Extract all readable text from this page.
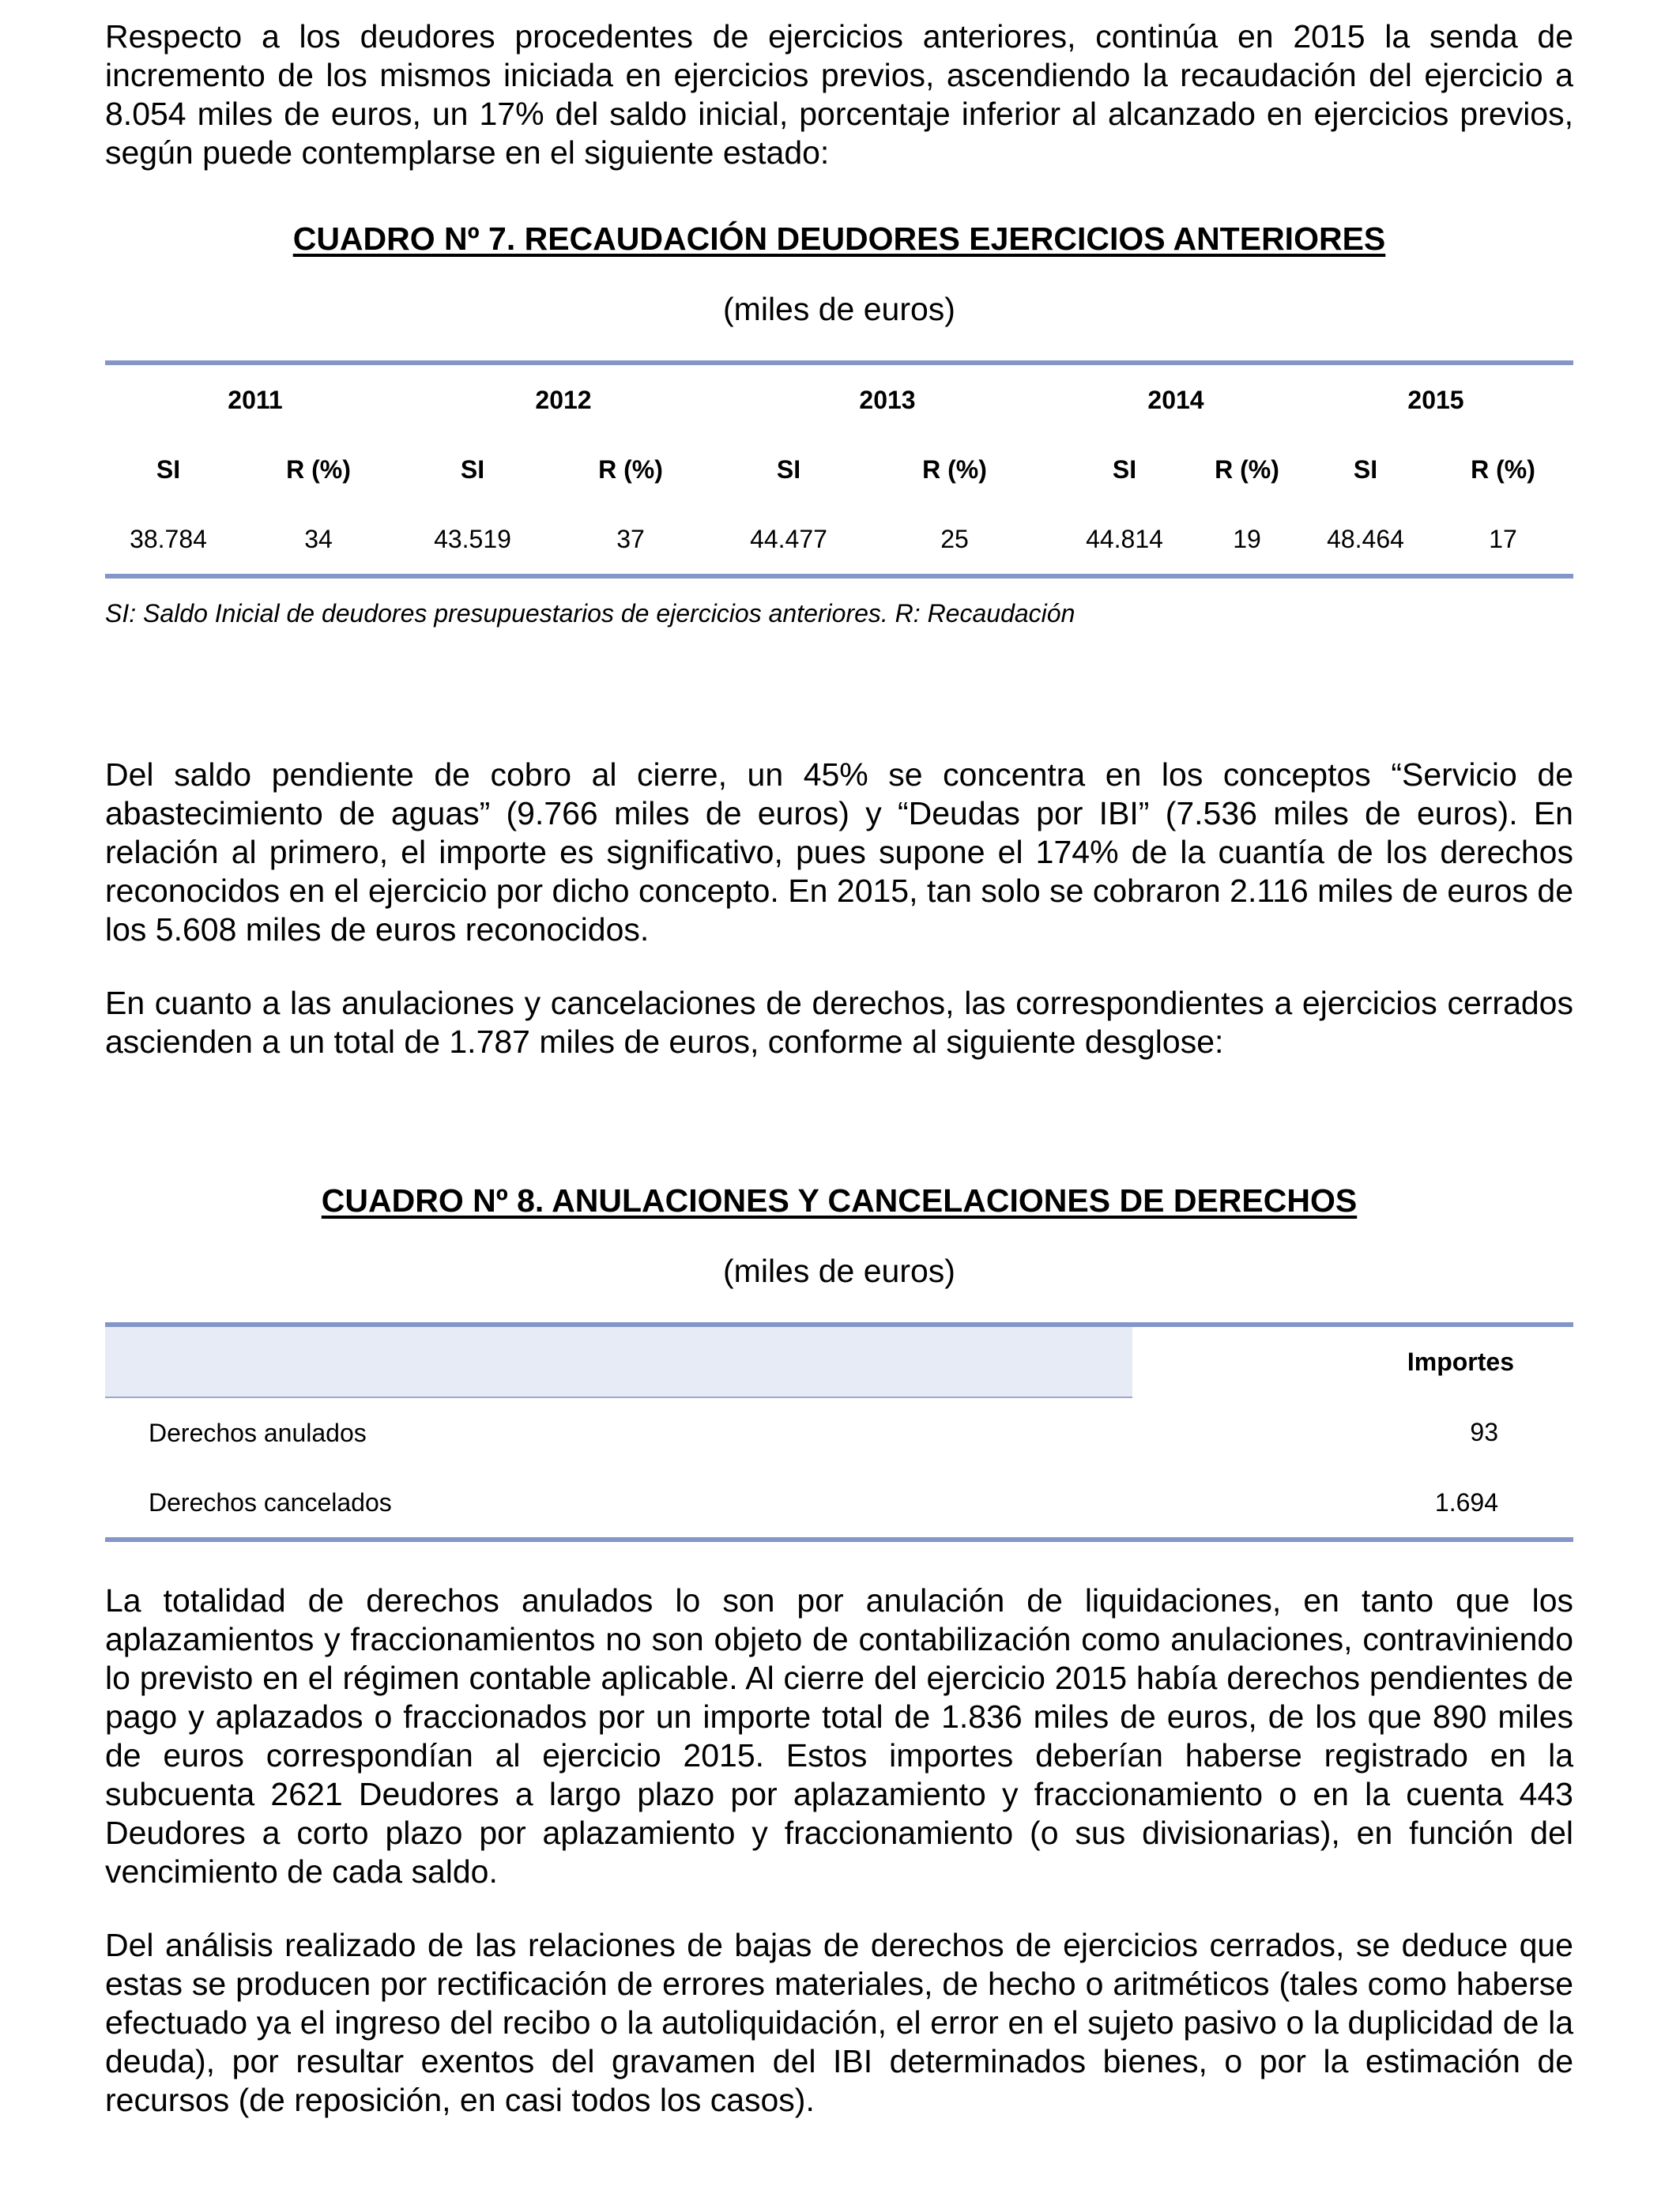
Respecto a los deudores procedentes de ejercicios anteriores, continúa en 2015 la senda de incremento de los mismos iniciada en ejercicios previos, ascendiendo la recaudación del ejercicio a 8.054 miles de euros, un 17% del saldo inicial, porcentaje inferior al alcanzado en ejercicios previos, según puede contemplarse en el siguiente estado:

CUADRO Nº 7. RECAUDACIÓN DEUDORES EJERCICIOS ANTERIORES

(miles de euros)

2011		2012		2013		2014		2015	
SI	R (%)	SI	R (%)	SI	R (%)	SI	R (%)	SI	R (%)
38.784	34	43.519	37	44.477	25	44.814	19	48.464	17

SI: Saldo Inicial de deudores presupuestarios de ejercicios anteriores. R: Recaudación

Del saldo pendiente de cobro al cierre, un 45% se concentra en los conceptos “Servicio de abastecimiento de aguas” (9.766 miles de euros) y “Deudas por IBI” (7.536 miles de euros). En relación al primero, el importe es significativo, pues supone el 174% de la cuantía de los derechos reconocidos en el ejercicio por dicho concepto. En 2015, tan solo se cobraron 2.116 miles de euros de los 5.608 miles de euros reconocidos.

En cuanto a las anulaciones y cancelaciones de derechos, las correspondientes a ejercicios cerrados ascienden a un total de 1.787 miles de euros, conforme al siguiente desglose:

CUADRO Nº 8. ANULACIONES Y CANCELACIONES DE DERECHOS

(miles de euros)

	Importes
Derechos anulados	93
Derechos cancelados	1.694

La totalidad de derechos anulados lo son por anulación de liquidaciones, en tanto que los aplazamientos y fraccionamientos no son objeto de contabilización como anulaciones, contraviniendo lo previsto en el régimen contable aplicable. Al cierre del ejercicio 2015 había derechos pendientes de pago y aplazados o fraccionados por un importe total de 1.836 miles de euros, de los que 890 miles de euros correspondían al ejercicio 2015. Estos importes deberían haberse registrado en la subcuenta 2621 Deudores a largo plazo por aplazamiento y fraccionamiento o en la cuenta 443 Deudores a corto plazo por aplazamiento y fraccionamiento (o sus divisionarias), en función del vencimiento de cada saldo.

Del análisis realizado de las relaciones de bajas de derechos de ejercicios cerrados, se deduce que estas se producen por rectificación de errores materiales, de hecho o aritméticos (tales como haberse efectuado ya el ingreso del recibo o la autoliquidación, el error en el sujeto pasivo o la duplicidad de la deuda), por resultar exentos del gravamen del IBI determinados bienes, o por la estimación de recursos (de reposición, en casi todos los casos).
